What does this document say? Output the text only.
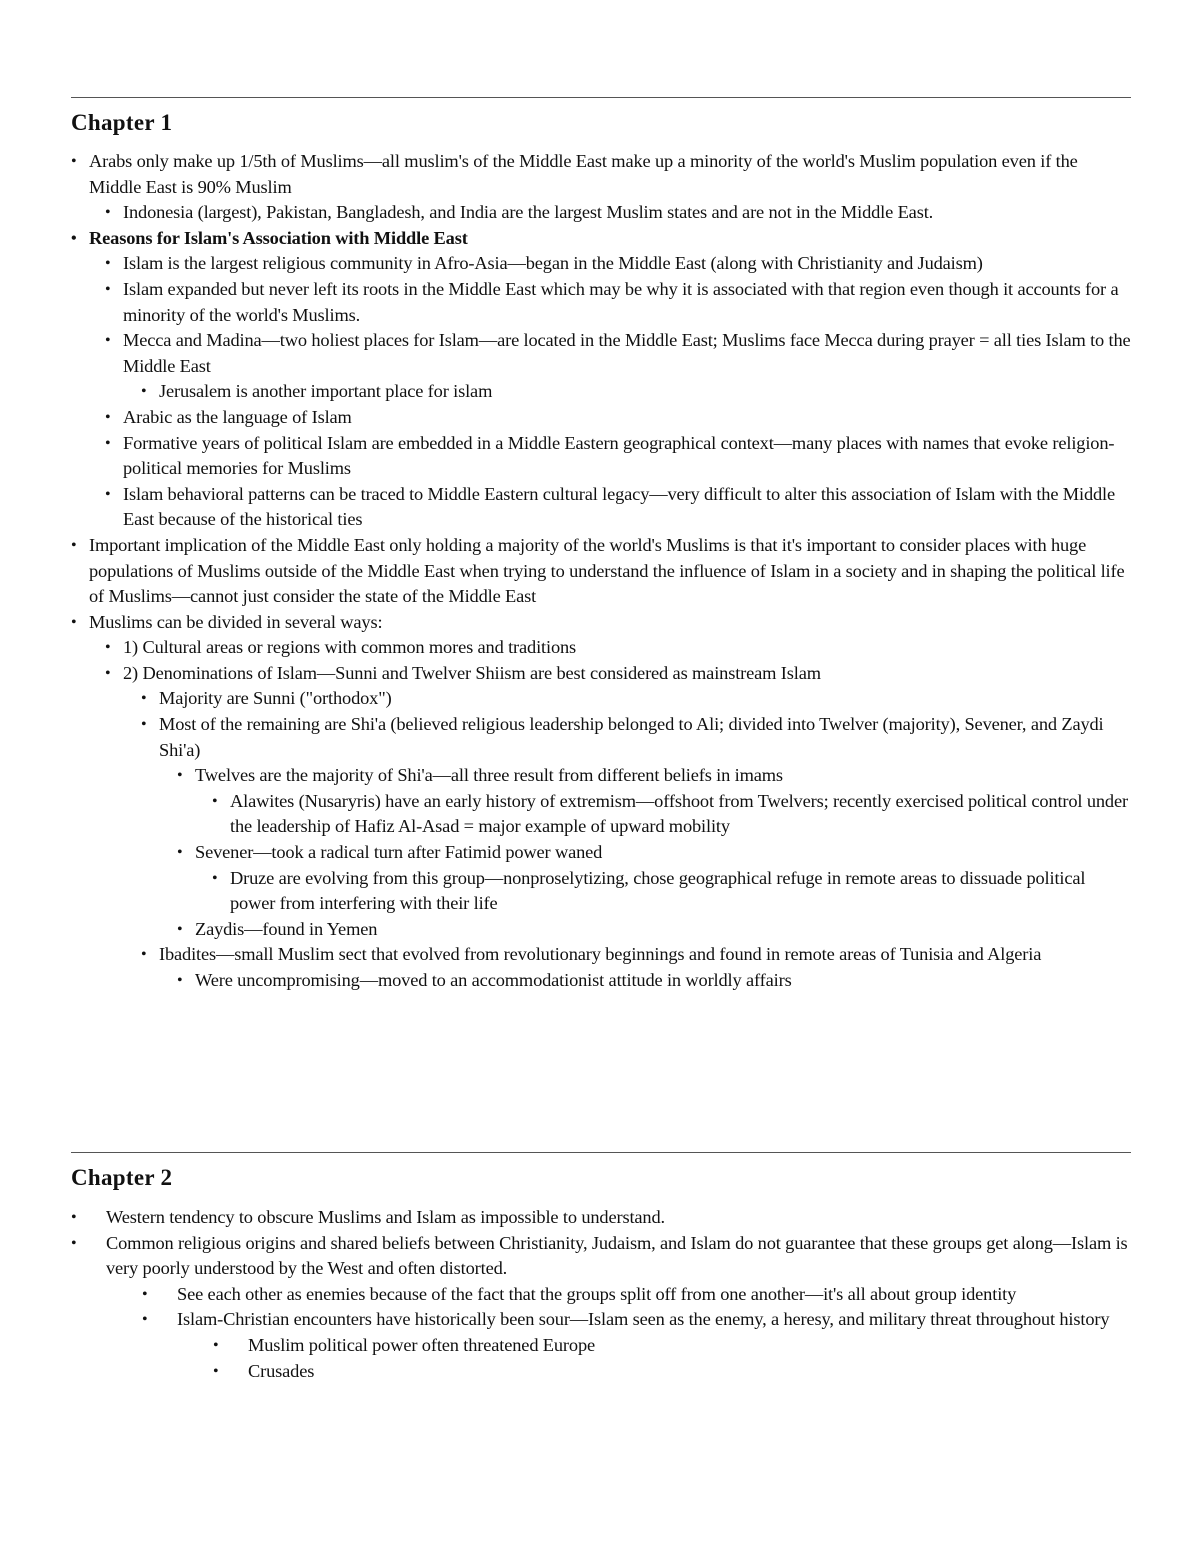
Chapter 1
• Arabs only make up 1/5th of Muslims—all muslim's of the Middle East make up a minority of the world's Muslim population even if the Middle East is 90% Muslim
• Indonesia (largest), Pakistan, Bangladesh, and India are the largest Muslim states and are not in the Middle East.
• Reasons for Islam's Association with Middle East
• Islam is the largest religious community in Afro-Asia—began in the Middle East (along with Christianity and Judaism)
• Islam expanded but never left its roots in the Middle East which may be why it is associated with that region even though it accounts for a minority of the world's Muslims.
• Mecca and Madina—two holiest places for Islam—are located in the Middle East; Muslims face Mecca during prayer = all ties Islam to the Middle East
• Jerusalem is another important place for islam
• Arabic as the language of Islam
• Formative years of political Islam are embedded in a Middle Eastern geographical context—many places with names that evoke religion-political memories for Muslims
• Islam behavioral patterns can be traced to Middle Eastern cultural legacy—very difficult to alter this association of Islam with the Middle East because of the historical ties
• Important implication of the Middle East only holding a majority of the world's Muslims is that it's important to consider places with huge populations of Muslims outside of the Middle East when trying to understand the influence of Islam in a society and in shaping the political life of Muslims—cannot just consider the state of the Middle East
• Muslims can be divided in several ways:
• 1) Cultural areas or regions with common mores and traditions
• 2) Denominations of Islam—Sunni and Twelver Shiism are best considered as mainstream Islam
• Majority are Sunni ("orthodox")
• Most of the remaining are Shi'a (believed religious leadership belonged to Ali; divided into Twelver (majority), Sevener, and Zaydi Shi'a)
• Twelves are the majority of Shi'a—all three result from different beliefs in imams
• Alawites (Nusaryris) have an early history of extremism—offshoot from Twelvers; recently exercised political control under the leadership of Hafiz Al-Asad = major example of upward mobility
• Sevener—took a radical turn after Fatimid power waned
• Druze are evolving from this group—nonproselytizing, chose geographical refuge in remote areas to dissuade political power from interfering with their life
• Zaydis—found in Yemen
• Ibadites—small Muslim sect that evolved from revolutionary beginnings and found in remote areas of Tunisia and Algeria
• Were uncompromising—moved to an accommodationist attitude in worldly affairs
Chapter 2
• Western tendency to obscure Muslims and Islam as impossible to understand.
• Common religious origins and shared beliefs between Christianity, Judaism, and Islam do not guarantee that these groups get along—Islam is very poorly understood by the West and often distorted.
• See each other as enemies because of the fact that the groups split off from one another—it's all about group identity
• Islam-Christian encounters have historically been sour—Islam seen as the enemy, a heresy, and military threat throughout history
• Muslim political power often threatened Europe
• Crusades
